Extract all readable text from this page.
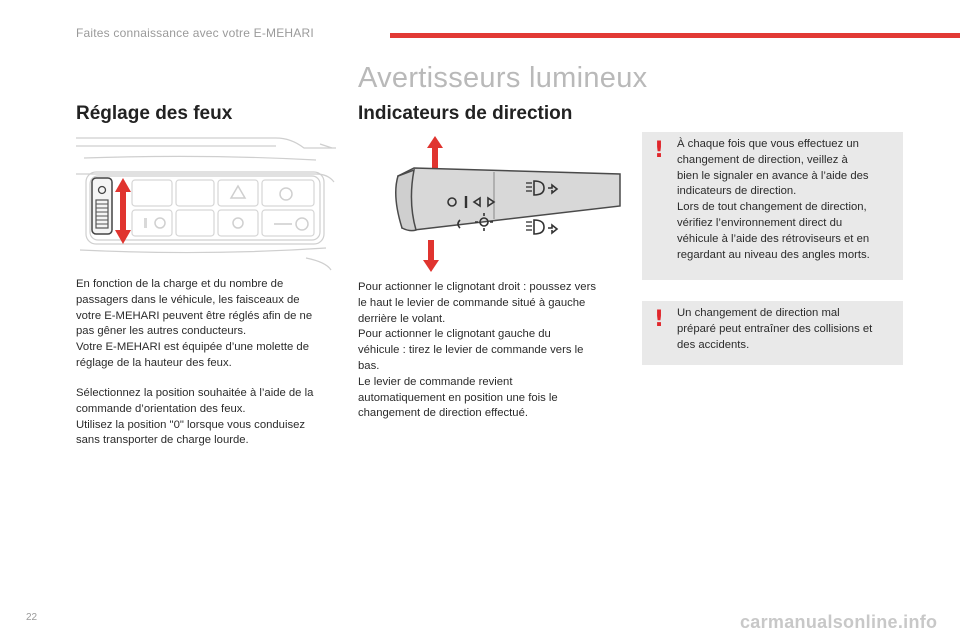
Faites connaissance avec votre E-MEHARI
Avertisseurs lumineux
Réglage des feux
En fonction de la charge et du nombre de
passagers dans le véhicule, les faisceaux de
votre E-MEHARI peuvent être réglés afin de ne
pas gêner les autres conducteurs.
Votre E-MEHARI est équipée d’une molette de
réglage de la hauteur des feux.
Sélectionnez la position souhaitée à l’aide de la
commande d’orientation des feux.
Utilisez la position "0" lorsque vous conduisez
sans transporter de charge lourde.
Indicateurs de direction
Pour actionner le clignotant droit : poussez vers
le haut le levier de commande situé à gauche
derrière le volant.
Pour actionner le clignotant gauche du
véhicule : tirez le levier de commande vers le
bas.
Le levier de commande revient
automatiquement en position une fois le
changement de direction effectué.
! À chaque fois que vous effectuez un
changement de direction, veillez à
bien le signaler en avance à l’aide des
indicateurs de direction.
Lors de tout changement de direction,
vérifiez l’environnement direct du
véhicule à l’aide des rétroviseurs et en
regardant au niveau des angles morts.
! Un changement de direction mal
préparé peut entraîner des collisions et
des accidents.
22	carmanualsonline.info
